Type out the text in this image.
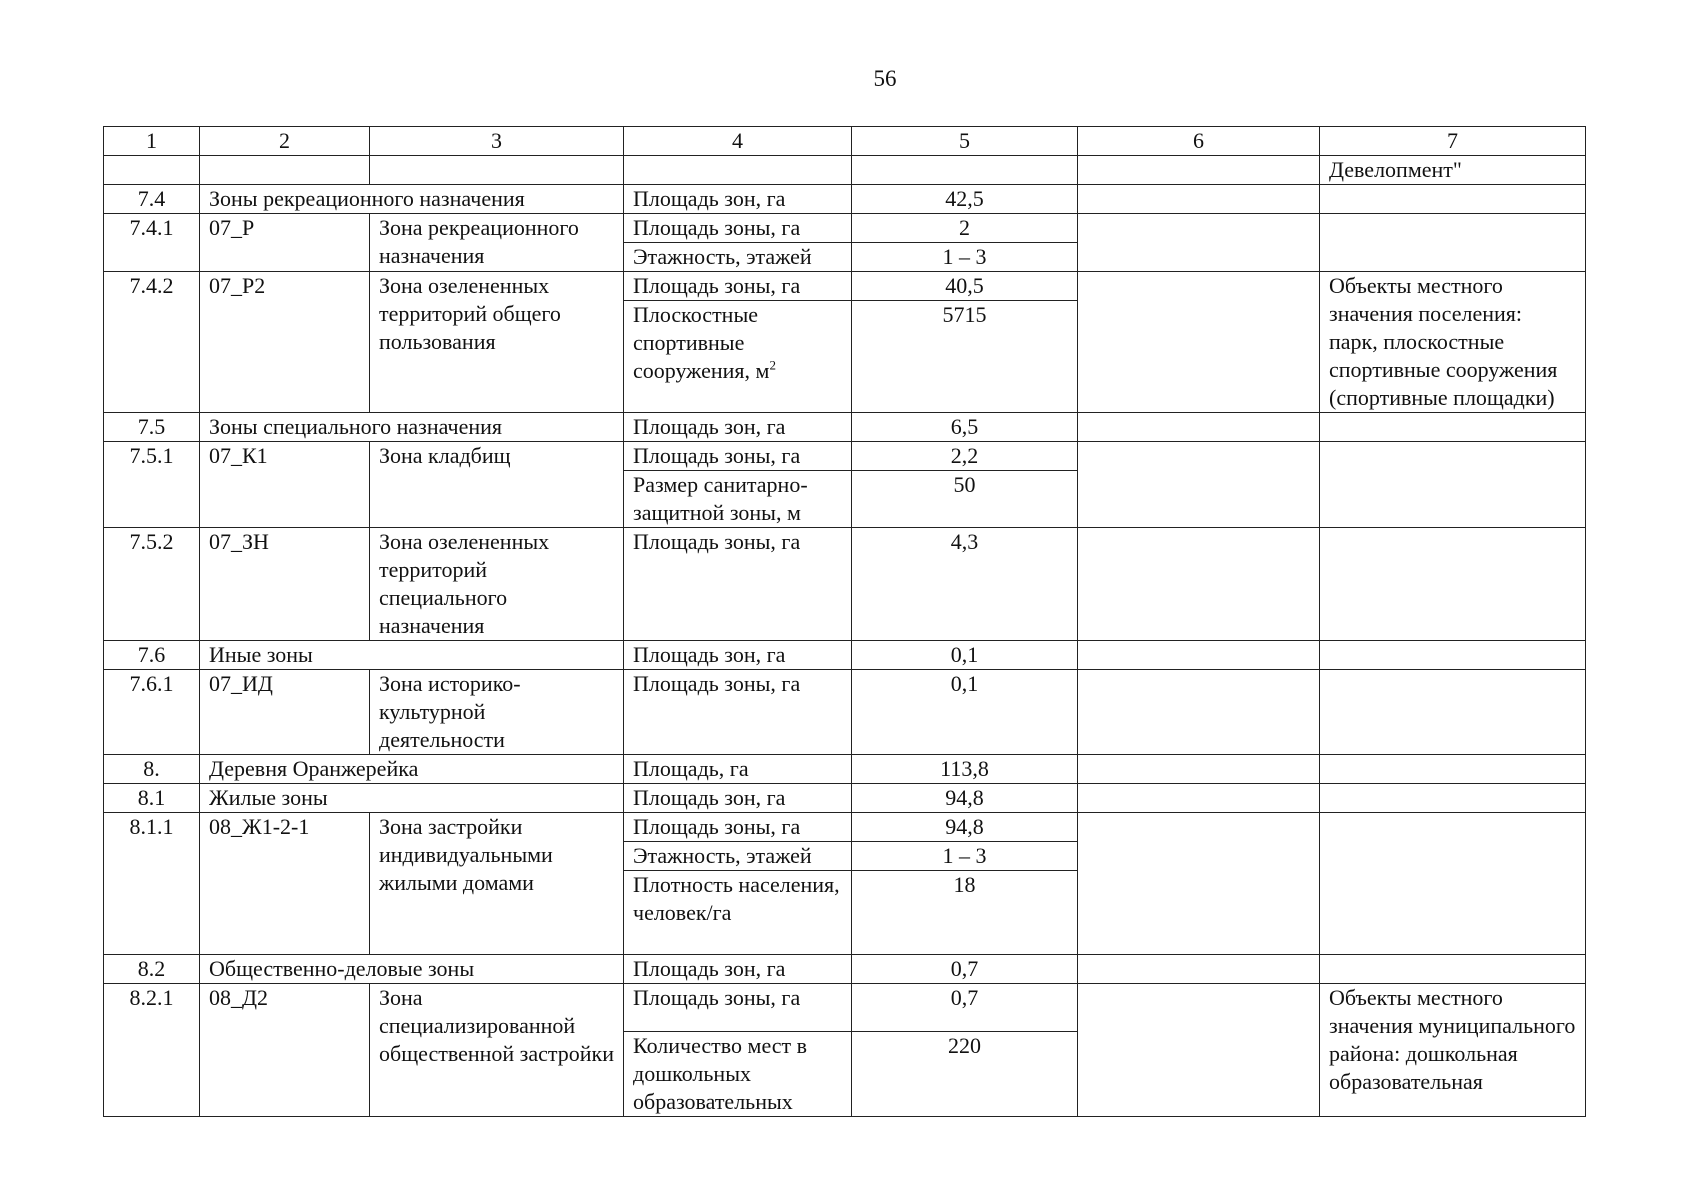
56
1	2	3	4	5	6	7
						Девелопмент"
7.4	Зоны рекреационного назначения		Площадь зон, га	42,5		
7.4.1	07_Р	Зона рекреационного назначения	Площадь зоны, га	2		
			Этажность, этажей	1 – 3		
7.4.2	07_Р2	Зона озелененных территорий общего пользования	Площадь зоны, га	40,5		Объекты местного значения поселения: парк, плоскостные спортивные сооружения (спортивные площадки)
			Плоскостные спортивные сооружения, $м^2$	5715		
7.5	Зоны специального назначения		Площадь зон, га	6,5		
7.5.1	07_К1	Зона кладбищ	Площадь зоны, га	2,2		
			Размер санитарно-защитной зоны, м	50		
7.5.2	07_ЗН	Зона озелененных территорий специального назначения	Площадь зоны, га	4,3		
7.6	Иные зоны		Площадь зон, га	0,1		
7.6.1	07_ИД	Зона историко-культурной деятельности	Площадь зоны, га	0,1		
8.	Деревня Оранжерейка		Площадь, га	113,8		
8.1	Жилые зоны		Площадь зон, га	94,8		
8.1.1	08_Ж1-2-1	Зона застройки индивидуальными жилыми домами	Площадь зоны, га	94,8		
			Этажность, этажей	1 – 3		
			Плотность населения, человек/га	18		
8.2	Общественно-деловые зоны		Площадь зон, га	0,7		
8.2.1	08_Д2	Зона специализированной общественной застройки	Площадь зоны, га	0,7		Объекты местного значения муниципального района: дошкольная образовательная
			Количество мест в дошкольных образовательных	220		
